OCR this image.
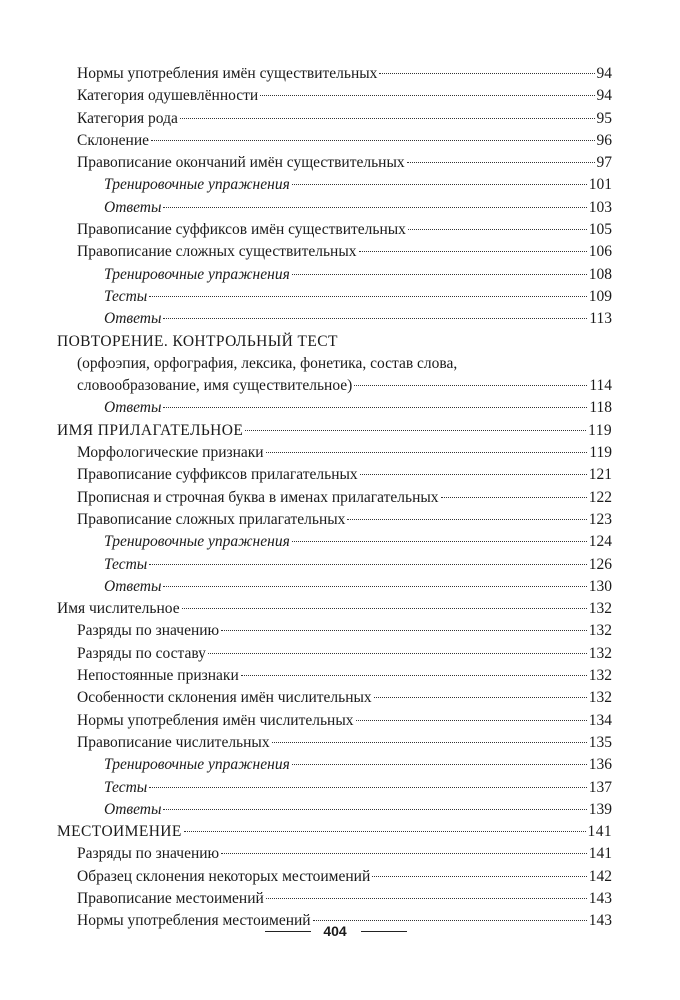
Нормы употребления имён существительных	94
Категория одушевлённости	94
Категория рода	95
Склонение	96
Правописание окончаний имён существительных	97
Тренировочные упражнения	101
Ответы	103
Правописание суффиксов имён существительных	105
Правописание сложных существительных	106
Тренировочные упражнения	108
Тесты	109
Ответы	113
ПОВТОРЕНИЕ. КОНТРОЛЬНЫЙ ТЕСТ
(орфоэпия, орфография, лексика, фонетика, состав слова,
словообразование, имя существительное)	114
Ответы	118
ИМЯ ПРИЛАГАТЕЛЬНОЕ	119
Морфологические признаки	119
Правописание суффиксов прилагательных	121
Прописная и строчная буква в именах прилагательных	122
Правописание сложных прилагательных	123
Тренировочные упражнения	124
Тесты	126
Ответы	130
Имя числительное	132
Разряды по значению	132
Разряды по составу	132
Непостоянные признаки	132
Особенности склонения имён числительных	132
Нормы употребления имён числительных	134
Правописание числительных	135
Тренировочные упражнения	136
Тесты	137
Ответы	139
МЕСТОИМЕНИЕ	141
Разряды по значению	141
Образец склонения некоторых местоимений	142
Правописание местоимений	143
Нормы употребления местоимений	143
404
